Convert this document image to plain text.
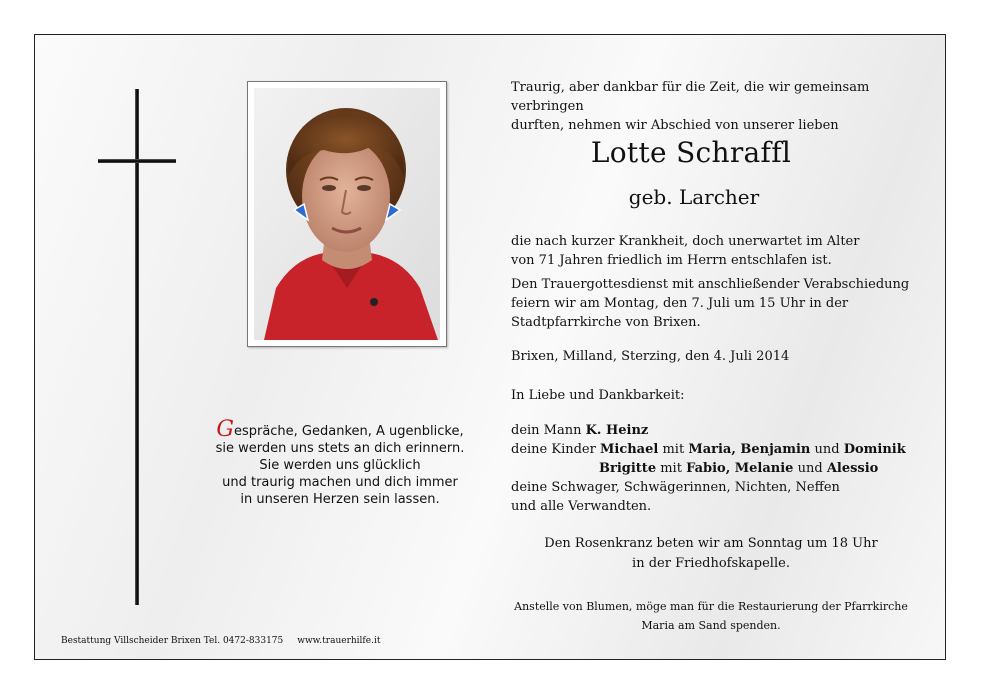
Gespräche, Gedanken, A ugenblicke,
sie werden uns stets an dich erinnern.
Sie werden uns glücklich
und traurig machen und dich immer
in unseren Herzen sein lassen.
Bestattung Villscheider Brixen Tel. 0472-833175 www.trauerhilfe.it
Traurig, aber dankbar für die Zeit, die wir gemeinsam verbringen
durften, nehmen wir Abschied von unserer lieben
Lotte Schraffl
geb. Larcher
die nach kurzer Krankheit, doch unerwartet im Alter
von 71 Jahren friedlich im Herrn entschlafen ist.
Den Trauergottesdienst mit anschließender Verabschiedung
feiern wir am Montag, den 7. Juli um 15 Uhr in der
Stadtpfarrkirche von Brixen.
Brixen, Milland, Sterzing, den 4. Juli 2014
In Liebe und Dankbarkeit:
dein Mann K. Heinz
deine Kinder Michael mit Maria, Benjamin und Dominik
Brigitte mit Fabio, Melanie und Alessio
deine Schwager, Schwägerinnen, Nichten, Neffen
und alle Verwandten.
Den Rosenkranz beten wir am Sonntag um 18 Uhr
in der Friedhofskapelle.
Anstelle von Blumen, möge man für die Restaurierung der Pfarrkirche
Maria am Sand spenden.
